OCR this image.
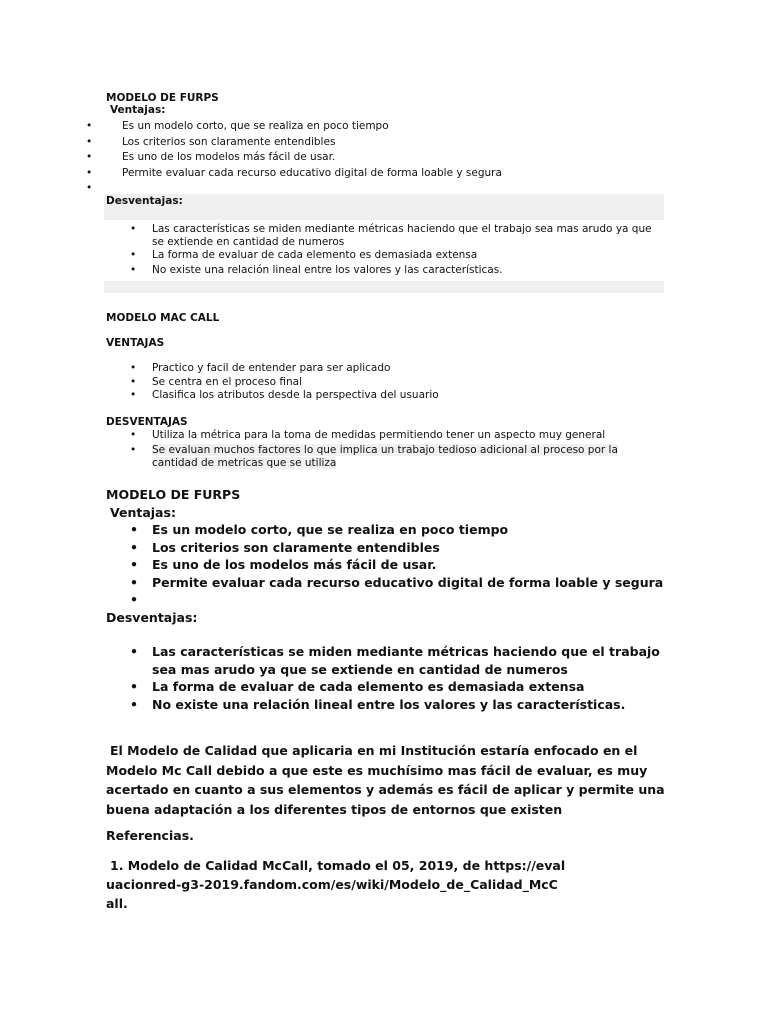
MODELO DE FURPS
Ventajas:
•	Es un modelo corto, que se realiza en poco tiempo
•	Los criterios son claramente entendibles
•	Es uno de los modelos más fácil de usar.
•	Permite evaluar cada recurso educativo digital de forma loable y segura
•
Desventajas:
• Las características se miden mediante métricas haciendo que el trabajo sea mas arudo ya que se extiende en cantidad de numeros
• La forma de evaluar de cada elemento es demasiada extensa
• No existe una relación lineal entre los valores y las características.
MODELO MAC CALL
VENTAJAS
• Practico y facil de entender para ser aplicado
• Se centra en el proceso final
• Clasifica los atributos desde la perspectiva del usuario
DESVENTAJAS
• Utiliza la métrica para la toma de medidas permitiendo tener un aspecto muy general
• Se evaluan muchos factores lo que implica un trabajo tedioso adicional al proceso por la cantidad de metricas que se utiliza
MODELO DE FURPS
Ventajas:
• Es un modelo corto, que se realiza en poco tiempo
• Los criterios son claramente entendibles
• Es uno de los modelos más fácil de usar.
• Permite evaluar cada recurso educativo digital de forma loable y segura
•
Desventajas:
• Las características se miden mediante métricas haciendo que el trabajo sea mas arudo ya que se extiende en cantidad de numeros
• La forma de evaluar de cada elemento es demasiada extensa
• No existe una relación lineal entre los valores y las características.
El Modelo de Calidad que aplicaria en mi Institución estaría enfocado en el Modelo Mc Call debido a que este es muchísimo mas fácil de evaluar, es muy acertado en cuanto a sus elementos y además es fácil de aplicar y permite una buena adaptación a los diferentes tipos de entornos que existen
Referencias.
1. Modelo de Calidad McCall, tomado el 05, 2019, de https://evaluacionred-g3-2019.fandom.com/es/wiki/Modelo_de_Calidad_McCall.
